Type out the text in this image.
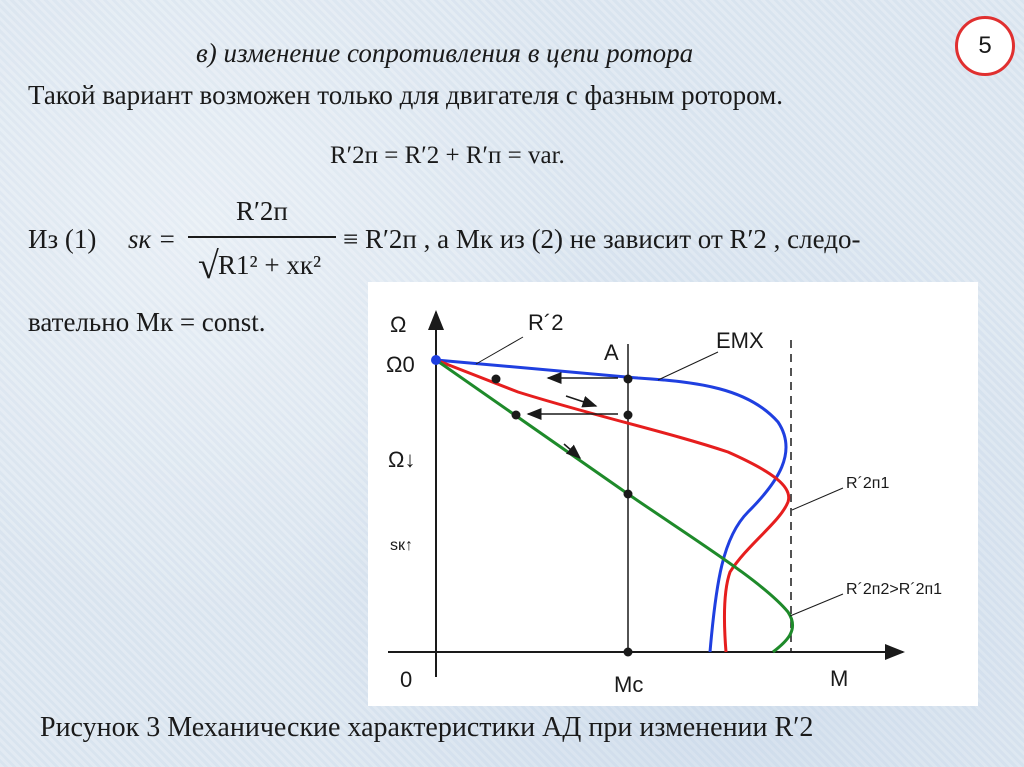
5
в) изменение сопротивления в цепи ротора
Такой вариант возможен только для двигателя с фазным ротором.
R′2п = R′2 + R′п = var.
Из (1) sк =
R′2п
√ R1² + xк²
≡ R′2п , а Mк из (2) не зависит от R′2 , следо-
вательно Mк = const.	Ω
Ω0
Ω↓
sк↑
0	M
Mс
A
R´2
ЕМХ
R´2п1
R´2п2>R´2п1
Рисунок 3 Механические характеристики АД при изменении R′2
